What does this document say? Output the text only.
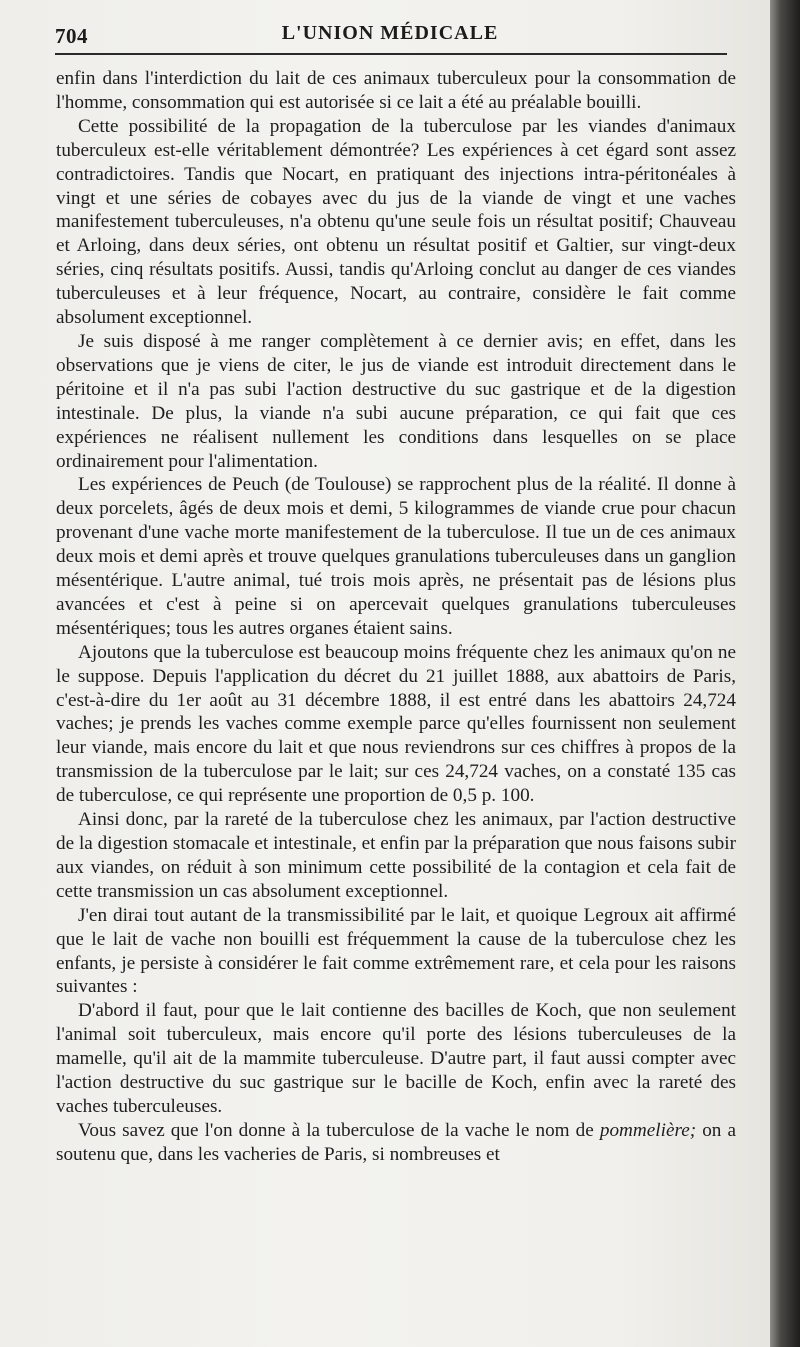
704	L'UNION MÉDICALE

enfin dans l'interdiction du lait de ces animaux tuberculeux pour la consommation de l'homme, consommation qui est autorisée si ce lait a été au préalable bouilli.

Cette possibilité de la propagation de la tuberculose par les viandes d'animaux tuberculeux est-elle véritablement démontrée? Les expériences à cet égard sont assez contradictoires. Tandis que Nocart, en pratiquant des injections intra-péritonéales à vingt et une séries de cobayes avec du jus de la viande de vingt et une vaches manifestement tuberculeuses, n'a obtenu qu'une seule fois un résultat positif; Chauveau et Arloing, dans deux séries, ont obtenu un résultat positif et Galtier, sur vingt-deux séries, cinq résultats positifs. Aussi, tandis qu'Arloing conclut au danger de ces viandes tuberculeuses et à leur fréquence, Nocart, au contraire, considère le fait comme absolument exceptionnel.

Je suis disposé à me ranger complètement à ce dernier avis; en effet, dans les observations que je viens de citer, le jus de viande est introduit directement dans le péritoine et il n'a pas subi l'action destructive du suc gastrique et de la digestion intestinale. De plus, la viande n'a subi aucune préparation, ce qui fait que ces expériences ne réalisent nullement les conditions dans lesquelles on se place ordinairement pour l'alimentation.

Les expériences de Peuch (de Toulouse) se rapprochent plus de la réalité. Il donne à deux porcelets, âgés de deux mois et demi, 5 kilogrammes de viande crue pour chacun provenant d'une vache morte manifestement de la tuberculose. Il tue un de ces animaux deux mois et demi après et trouve quelques granulations tuberculeuses dans un ganglion mésentérique. L'autre animal, tué trois mois après, ne présentait pas de lésions plus avancées et c'est à peine si on apercevait quelques granulations tuberculeuses mésentériques; tous les autres organes étaient sains.

Ajoutons que la tuberculose est beaucoup moins fréquente chez les animaux qu'on ne le suppose. Depuis l'application du décret du 21 juillet 1888, aux abattoirs de Paris, c'est-à-dire du 1er août au 31 décembre 1888, il est entré dans les abattoirs 24,724 vaches; je prends les vaches comme exemple parce qu'elles fournissent non seulement leur viande, mais encore du lait et que nous reviendrons sur ces chiffres à propos de la transmission de la tuberculose par le lait; sur ces 24,724 vaches, on a constaté 135 cas de tuberculose, ce qui représente une proportion de 0,5 p. 100.

Ainsi donc, par la rareté de la tuberculose chez les animaux, par l'action destructive de la digestion stomacale et intestinale, et enfin par la préparation que nous faisons subir aux viandes, on réduit à son minimum cette possibilité de la contagion et cela fait de cette transmission un cas absolument exceptionnel.

J'en dirai tout autant de la transmissibilité par le lait, et quoique Legroux ait affirmé que le lait de vache non bouilli est fréquemment la cause de la tuberculose chez les enfants, je persiste à considérer le fait comme extrêmement rare, et cela pour les raisons suivantes :

D'abord il faut, pour que le lait contienne des bacilles de Koch, que non seulement l'animal soit tuberculeux, mais encore qu'il porte des lésions tuberculeuses de la mamelle, qu'il ait de la mammite tuberculeuse. D'autre part, il faut aussi compter avec l'action destructive du suc gastrique sur le bacille de Koch, enfin avec la rareté des vaches tuberculeuses.

Vous savez que l'on donne à la tuberculose de la vache le nom de pommelière; on a soutenu que, dans les vacheries de Paris, si nombreuses et
